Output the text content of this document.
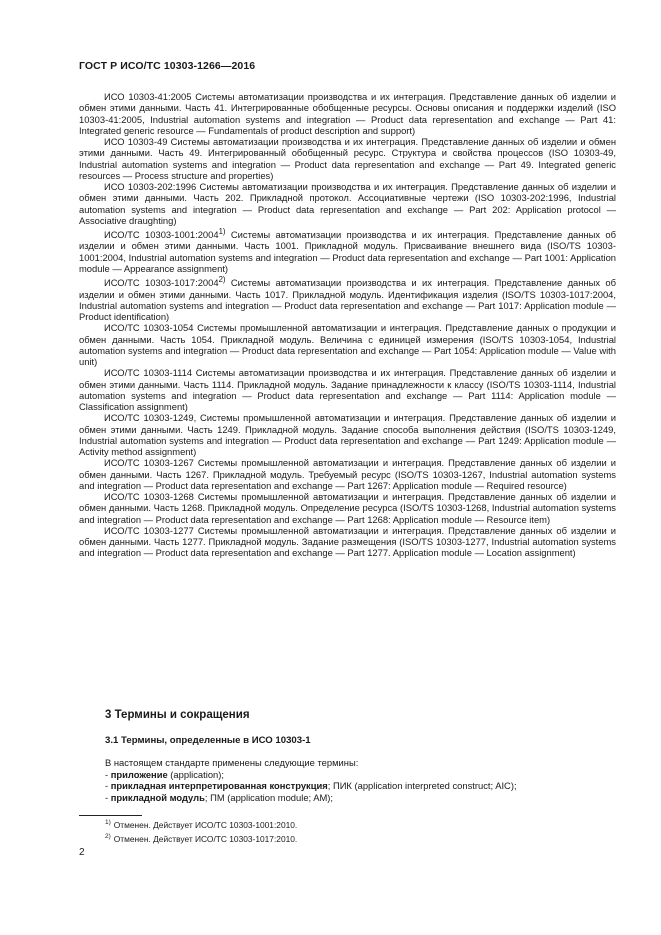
ГОСТ Р ИСО/ТС 10303-1266—2016

ИСО 10303-41:2005 Системы автоматизации производства и их интеграция. Представление данных об изделии и обмен этими данными. Часть 41. Интегрированные обобщенные ресурсы. Основы описания и поддержки изделий (ISO 10303-41:2005, Industrial automation systems and integration — Product data representation and exchange — Part 41: Integrated generic resource — Fundamentals of product description and support)

ИСО 10303-49 Системы автоматизации производства и их интеграция. Представление данных об изделии и обмен этими данными. Часть 49. Интегрированный обобщенный ресурс. Структура и свойства процессов (ISO 10303-49, Industrial automation systems and integration — Product data representation and exchange — Part 49. Integrated generic resources — Process structure and properties)

ИСО 10303-202:1996 Системы автоматизации производства и их интеграция. Представление данных об изделии и обмен этими данными. Часть 202. Прикладной протокол. Ассоциативные чертежи (ISO 10303-202:1996, Industrial automation systems and integration — Product data representation and exchange — Part 202: Application protocol — Associative draughting)

ИСО/ТС 10303-1001:2004$^{1)}$ Системы автоматизации производства и их интеграция. Представление данных об изделии и обмен этими данными. Часть 1001. Прикладной модуль. Присваивание внешнего вида (ISO/TS 10303-1001:2004, Industrial automation systems and integration — Product data representation and exchange — Part 1001: Application module — Appearance assignment)

ИСО/ТС 10303-1017:2004$^{2)}$ Системы автоматизации производства и их интеграция. Представление данных об изделии и обмен этими данными. Часть 1017. Прикладной модуль. Идентификация изделия (ISO/TS 10303-1017:2004, Industrial automation systems and integration — Product data representation and exchange — Part 1017: Application module — Product identification)

ИСО/ТС 10303-1054 Системы промышленной автоматизации и интеграция. Представление данных о продукции и обмен данными. Часть 1054. Прикладной модуль. Величина с единицей измерения (ISO/TS 10303-1054, Industrial automation systems and integration — Product data representation and exchange — Part 1054: Application module — Value with unit)

ИСО/ТС 10303-1114 Системы автоматизации производства и их интеграция. Представление данных об изделии и обмен этими данными. Часть 1114. Прикладной модуль. Задание принадлежности к классу (ISO/TS 10303-1114, Industrial automation systems and integration — Product data representation and exchange — Part 1114: Application module — Classification assignment)

ИСО/ТС 10303-1249, Системы промышленной автоматизации и интеграция. Представление данных об изделии и обмен этими данными. Часть 1249. Прикладной модуль. Задание способа выполнения действия (ISO/TS 10303-1249, Industrial automation systems and integration — Product data representation and exchange — Part 1249: Application module — Activity method assignment)

ИСО/ТС 10303-1267 Системы промышленной автоматизации и интеграция. Представление данных об изделии и обмен данными. Часть 1267. Прикладной модуль. Требуемый ресурс (ISO/TS 10303-1267, Industrial automation systems and integration — Product data representation and exchange — Part 1267: Application module — Required resource)

ИСО/ТС 10303-1268 Системы промышленной автоматизации и интеграция. Представление данных об изделии и обмен данными. Часть 1268. Прикладной модуль. Определение ресурса (ISO/TS 10303-1268, Industrial automation systems and integration — Product data representation and exchange — Part 1268: Application module — Resource item)

ИСО/ТС 10303-1277 Системы промышленной автоматизации и интеграция. Представление данных об изделии и обмен данными. Часть 1277. Прикладной модуль. Задание размещения (ISO/TS 10303-1277, Industrial automation systems and integration — Product data representation and exchange — Part 1277. Application module — Location assignment)

3 Термины и сокращения
3.1 Термины, определенные в ИСО 10303-1

В настоящем стандарте применены следующие термины:

- приложение (application);

- прикладная интерпретированная конструкция; ПИК (application interpreted construct; AIC);

- прикладной модуль; ПМ (application module; AM);

$^{1)}$ Отменен. Действует ИСО/ТС 10303-1001:2010.

$^{2)}$ Отменен. Действует ИСО/ТС 10303-1017:2010.

2
